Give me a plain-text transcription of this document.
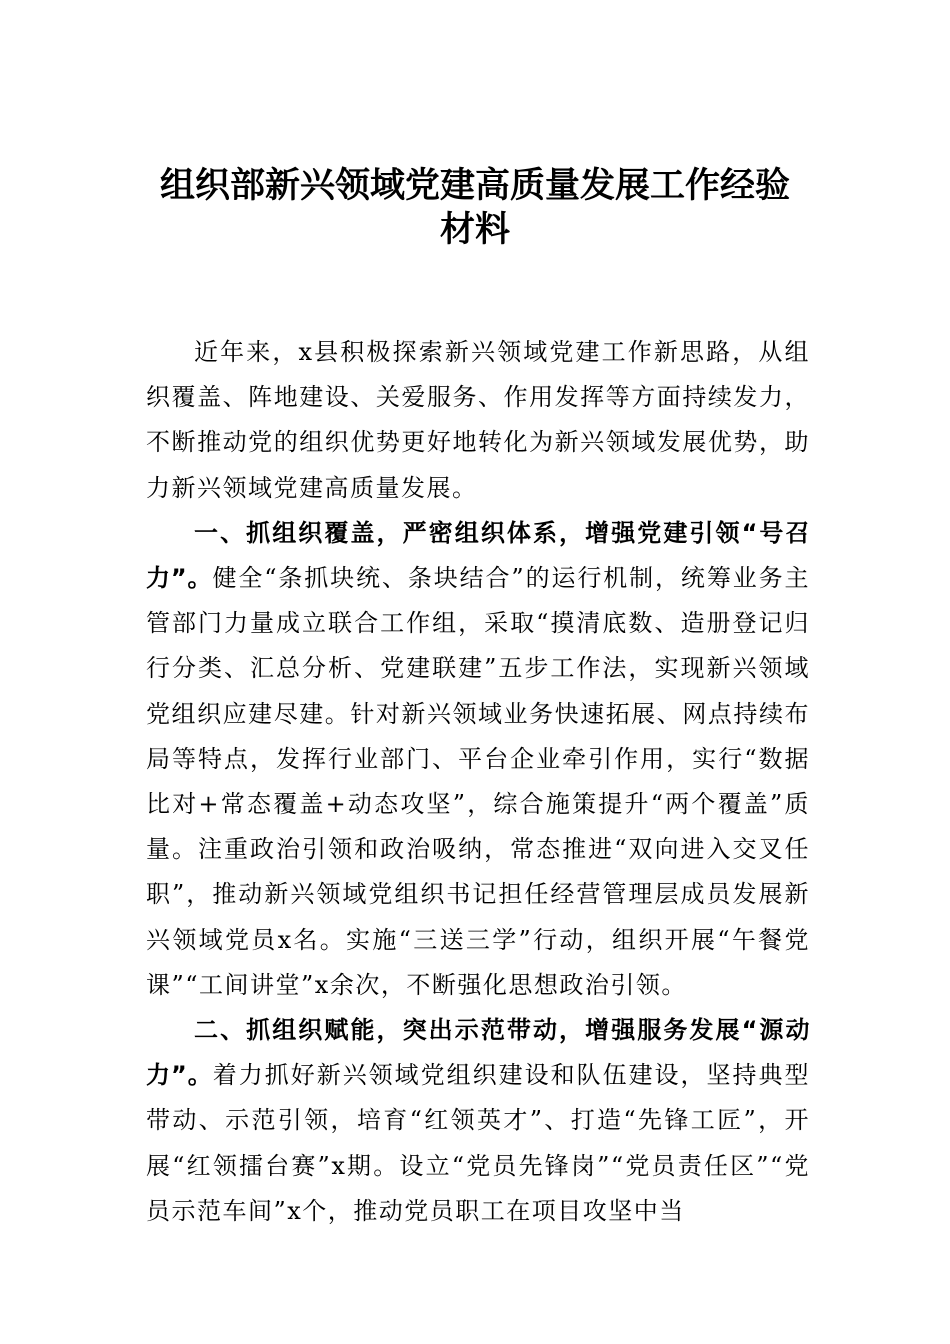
组织部新兴领域党建高质量发展工作经验
材料

近年来，x县积极探索新兴领域党建工作新思路，从组织覆盖、阵地建设、关爱服务、作用发挥等方面持续发力，不断推动党的组织优势更好地转化为新兴领域发展优势，助力新兴领域党建高质量发展。

一、抓组织覆盖，严密组织体系，增强党建引领“号召力”。健全“条抓块统、条块结合”的运行机制，统筹业务主管部门力量成立联合工作组，采取“摸清底数、造册登记归行分类、汇总分析、党建联建”五步工作法，实现新兴领域党组织应建尽建。针对新兴领域业务快速拓展、网点持续布局等特点，发挥行业部门、平台企业牵引作用，实行“数据比对+常态覆盖+动态攻坚”，综合施策提升“两个覆盖”质量。注重政治引领和政治吸纳，常态推进“双向进入交叉任职”，推动新兴领域党组织书记担任经营管理层成员发展新兴领域党员x名。实施“三送三学”行动，组织开展“午餐党课”“工间讲堂”x余次，不断强化思想政治引领。

二、抓组织赋能，突出示范带动，增强服务发展“源动力”。着力抓好新兴领域党组织建设和队伍建设，坚持典型带动、示范引领，培育“红领英才”、打造“先锋工匠”，开展“红领擂台赛”x期。设立“党员先锋岗”“党员责任区”“党员示范车间”x个，推动党员职工在项目攻坚中当
